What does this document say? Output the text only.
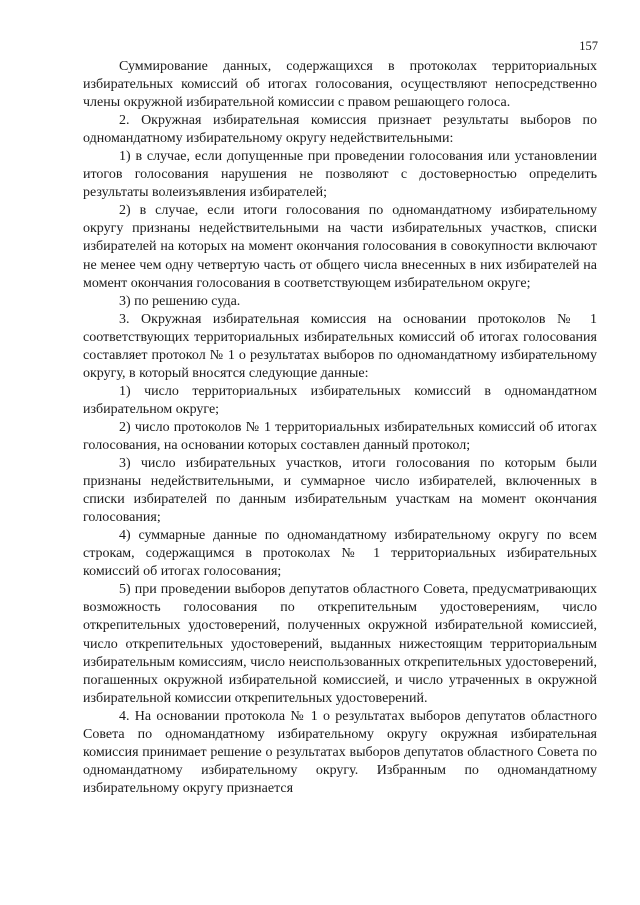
157

Суммирование данных, содержащихся в протоколах территориальных избирательных комиссий об итогах голосования, осуществляют непосредственно члены окружной избирательной комиссии с правом решающего голоса.

2. Окружная избирательная комиссия признает результаты выборов по одномандатному избирательному округу недействительными:

1) в случае, если допущенные при проведении голосования или установлении итогов голосования нарушения не позволяют с достоверностью определить результаты волеизъявления избирателей;

2) в случае, если итоги голосования по одномандатному избирательному округу признаны недействительными на части избирательных участков, списки избирателей на которых на момент окончания голосования в совокупности включают не менее чем одну четвертую часть от общего числа внесенных в них избирателей на момент окончания голосования в соответствующем избирательном округе;

3) по решению суда.

3. Окружная избирательная комиссия на основании протоколов № 1 соответствующих территориальных избирательных комиссий об итогах голосования составляет протокол № 1 о результатах выборов по одномандатному избирательному округу, в который вносятся следующие данные:

1) число территориальных избирательных комиссий в одномандатном избирательном округе;

2) число протоколов № 1 территориальных избирательных комиссий об итогах голосования, на основании которых составлен данный протокол;

3) число избирательных участков, итоги голосования по которым были признаны недействительными, и суммарное число избирателей, включенных в списки избирателей по данным избирательным участкам на момент окончания голосования;

4) суммарные данные по одномандатному избирательному округу по всем строкам, содержащимся в протоколах № 1 территориальных избирательных комиссий об итогах голосования;

5) при проведении выборов депутатов областного Совета, предусматривающих возможность голосования по открепительным удостоверениям, число открепительных удостоверений, полученных окружной избирательной комиссией, число открепительных удостоверений, выданных нижестоящим территориальным избирательным комиссиям, число неиспользованных открепительных удостоверений, погашенных окружной избирательной комиссией, и число утраченных в окружной избирательной комиссии открепительных удостоверений.

4. На основании протокола № 1 о результатах выборов депутатов областного Совета по одномандатному избирательному округу окружная избирательная комиссия принимает решение о результатах выборов депутатов областного Совета по одномандатному избирательному округу. Избранным по одномандатному избирательному округу признается
